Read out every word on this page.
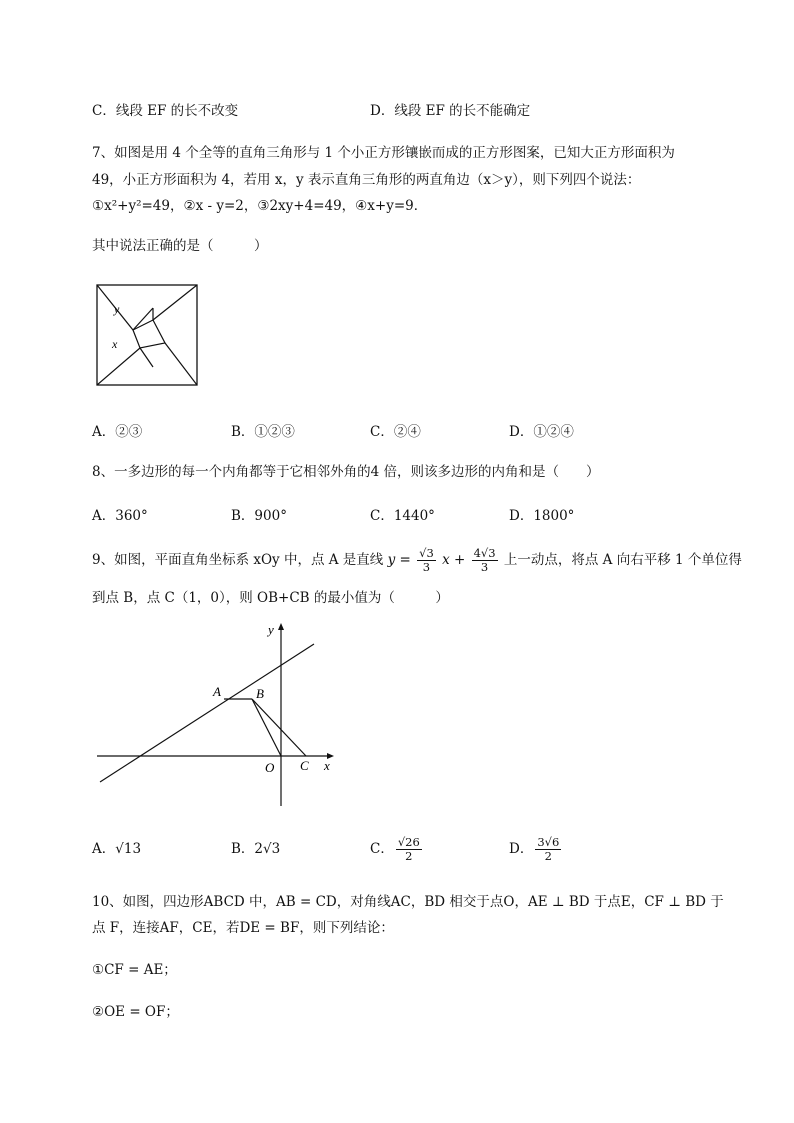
C．线段 EF 的长不改变	D．线段 EF 的长不能确定
7、如图是用 4 个全等的直角三角形与 1 个小正方形镶嵌而成的正方形图案，已知大正方形面积为
49，小正方形面积为 4，若用 x，y 表示直角三角形的两直角边（x＞y），则下列四个说法：
①x²+y²=49，②x - y=2，③2xy+4=49，④x+y=9．
其中说法正确的是（　　　）
y
x
A．②③	B．①②③	C．②④	D．①②④
8、一多边形的每一个内角都等于它相邻外角的4 倍，则该多边形的内角和是（　　）
A．360°	B．900°	C．1440°	D．1800°
9、如图，平面直角坐标系 xOy 中，点 A 是直线 $y = \frac{√3}{3}$ $x + \frac{4√3}{3}$ 上一动点，将点 A 向右平移 1 个单位得
到点 B，点 C（1，0），则 OB+CB 的最小值为（　　　）
y
x
A	B
O C
A．√13	B．2√3	C． $\frac{√26}{2}$	D． $\frac{3√6}{2}$
10、如图，四边形ABCD 中，AB = CD，对角线AC，BD 相交于点O，AE ⊥ BD 于点E，CF ⊥ BD 于
点 F，连接AF，CE，若DE = BF，则下列结论：
①CF = AE；
②OE = OF；
